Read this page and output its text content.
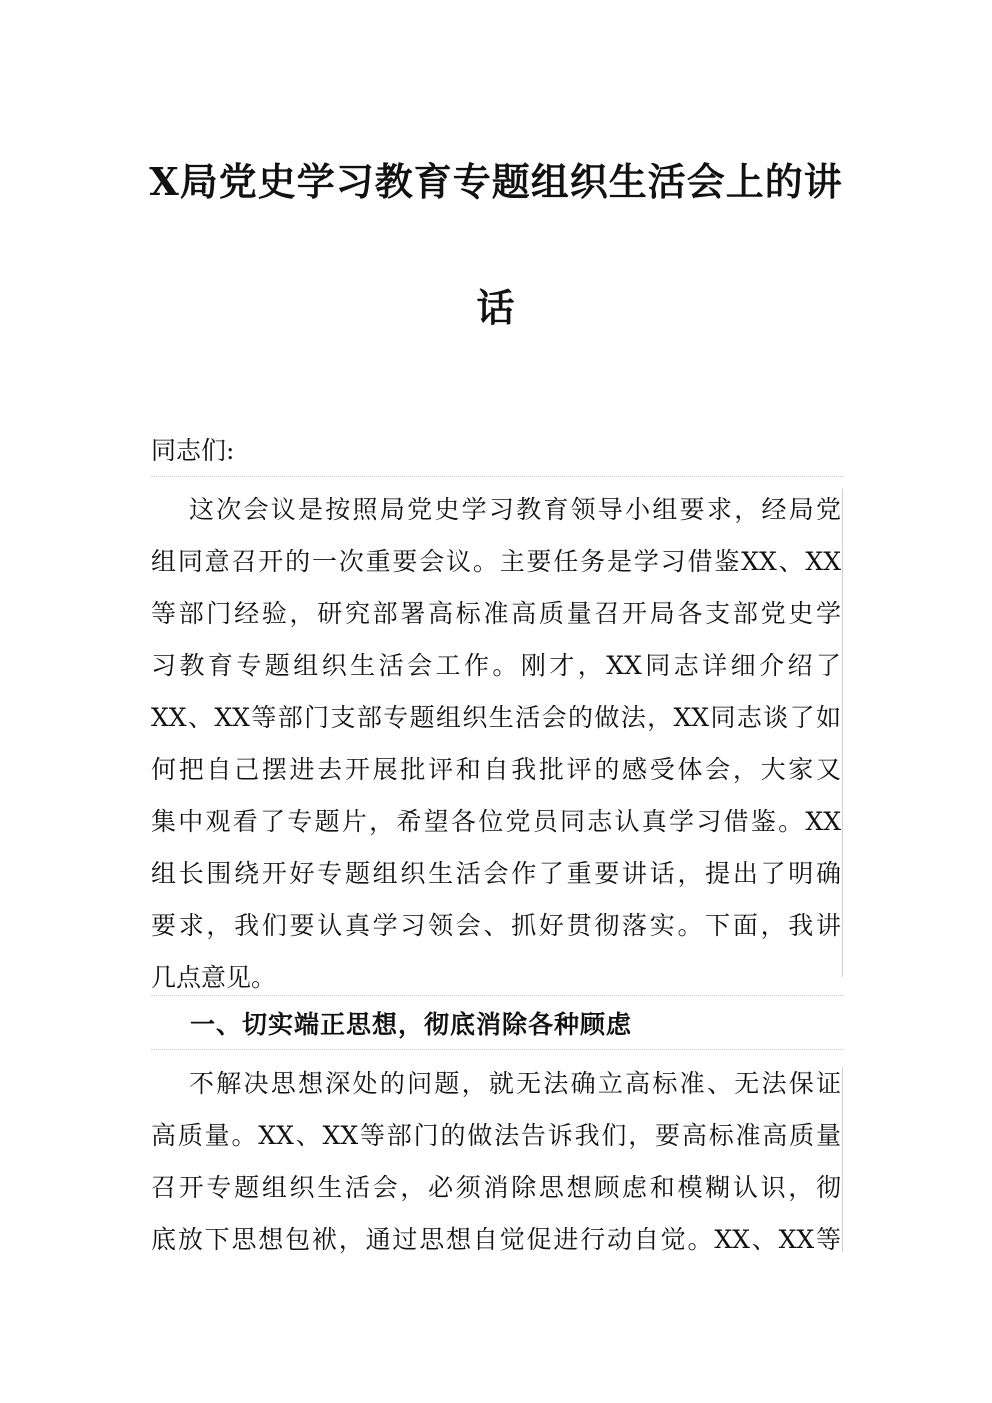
X局党史学习教育专题组织生活会上的讲
话
同志们:
这次会议是按照局党史学习教育领导小组要求，经局党
组同意召开的一次重要会议。主要任务是学习借鉴XX、XX
等部门经验，研究部署高标准高质量召开局各支部党史学
习教育专题组织生活会工作。刚才，XX同志详细介绍了
XX、XX等部门支部专题组织生活会的做法，XX同志谈了如
何把自己摆进去开展批评和自我批评的感受体会，大家又
集中观看了专题片，希望各位党员同志认真学习借鉴。XX
组长围绕开好专题组织生活会作了重要讲话，提出了明确
要求，我们要认真学习领会、抓好贯彻落实。下面，我讲
几点意见。
一、切实端正思想，彻底消除各种顾虑
不解决思想深处的问题，就无法确立高标准、无法保证
高质量。XX、XX等部门的做法告诉我们，要高标准高质量
召开专题组织生活会，必须消除思想顾虑和模糊认识，彻
底放下思想包袱，通过思想自觉促进行动自觉。XX、XX等
